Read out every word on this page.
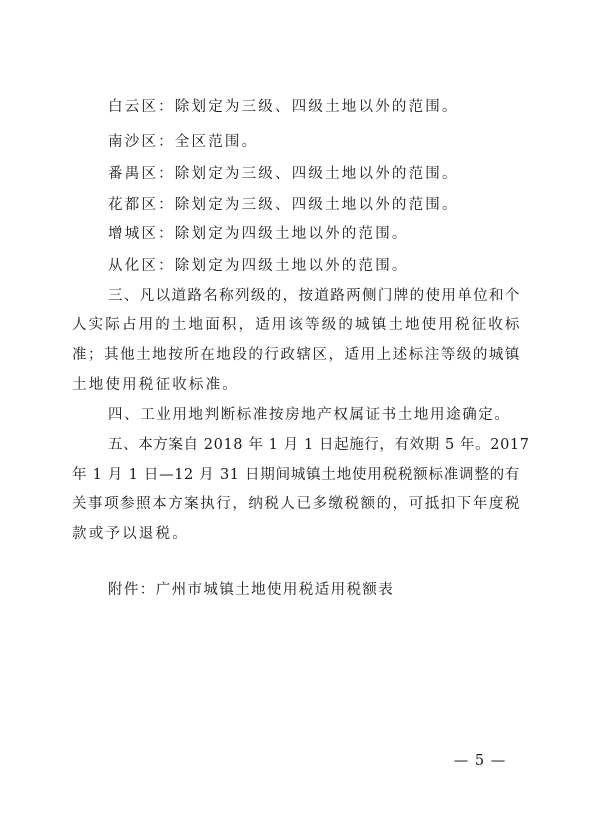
白云区：除划定为三级、四级土地以外的范围。
南沙区：全区范围。
番禺区：除划定为三级、四级土地以外的范围。
花都区：除划定为三级、四级土地以外的范围。
增城区：除划定为四级土地以外的范围。
从化区：除划定为四级土地以外的范围。
三、凡以道路名称列级的，按道路两侧门牌的使用单位和个
人实际占用的土地面积，适用该等级的城镇土地使用税征收标
准；其他土地按所在地段的行政辖区，适用上述标注等级的城镇
土地使用税征收标准。
四、工业用地判断标准按房地产权属证书土地用途确定。
五、本方案自 2018 年 1 月 1 日起施行，有效期 5 年。2017
年 1 月 1 日—12 月 31 日期间城镇土地使用税税额标准调整的有
关事项参照本方案执行，纳税人已多缴税额的，可抵扣下年度税
款或予以退税。
附件：广州市城镇土地使用税适用税额表
— 5 —
